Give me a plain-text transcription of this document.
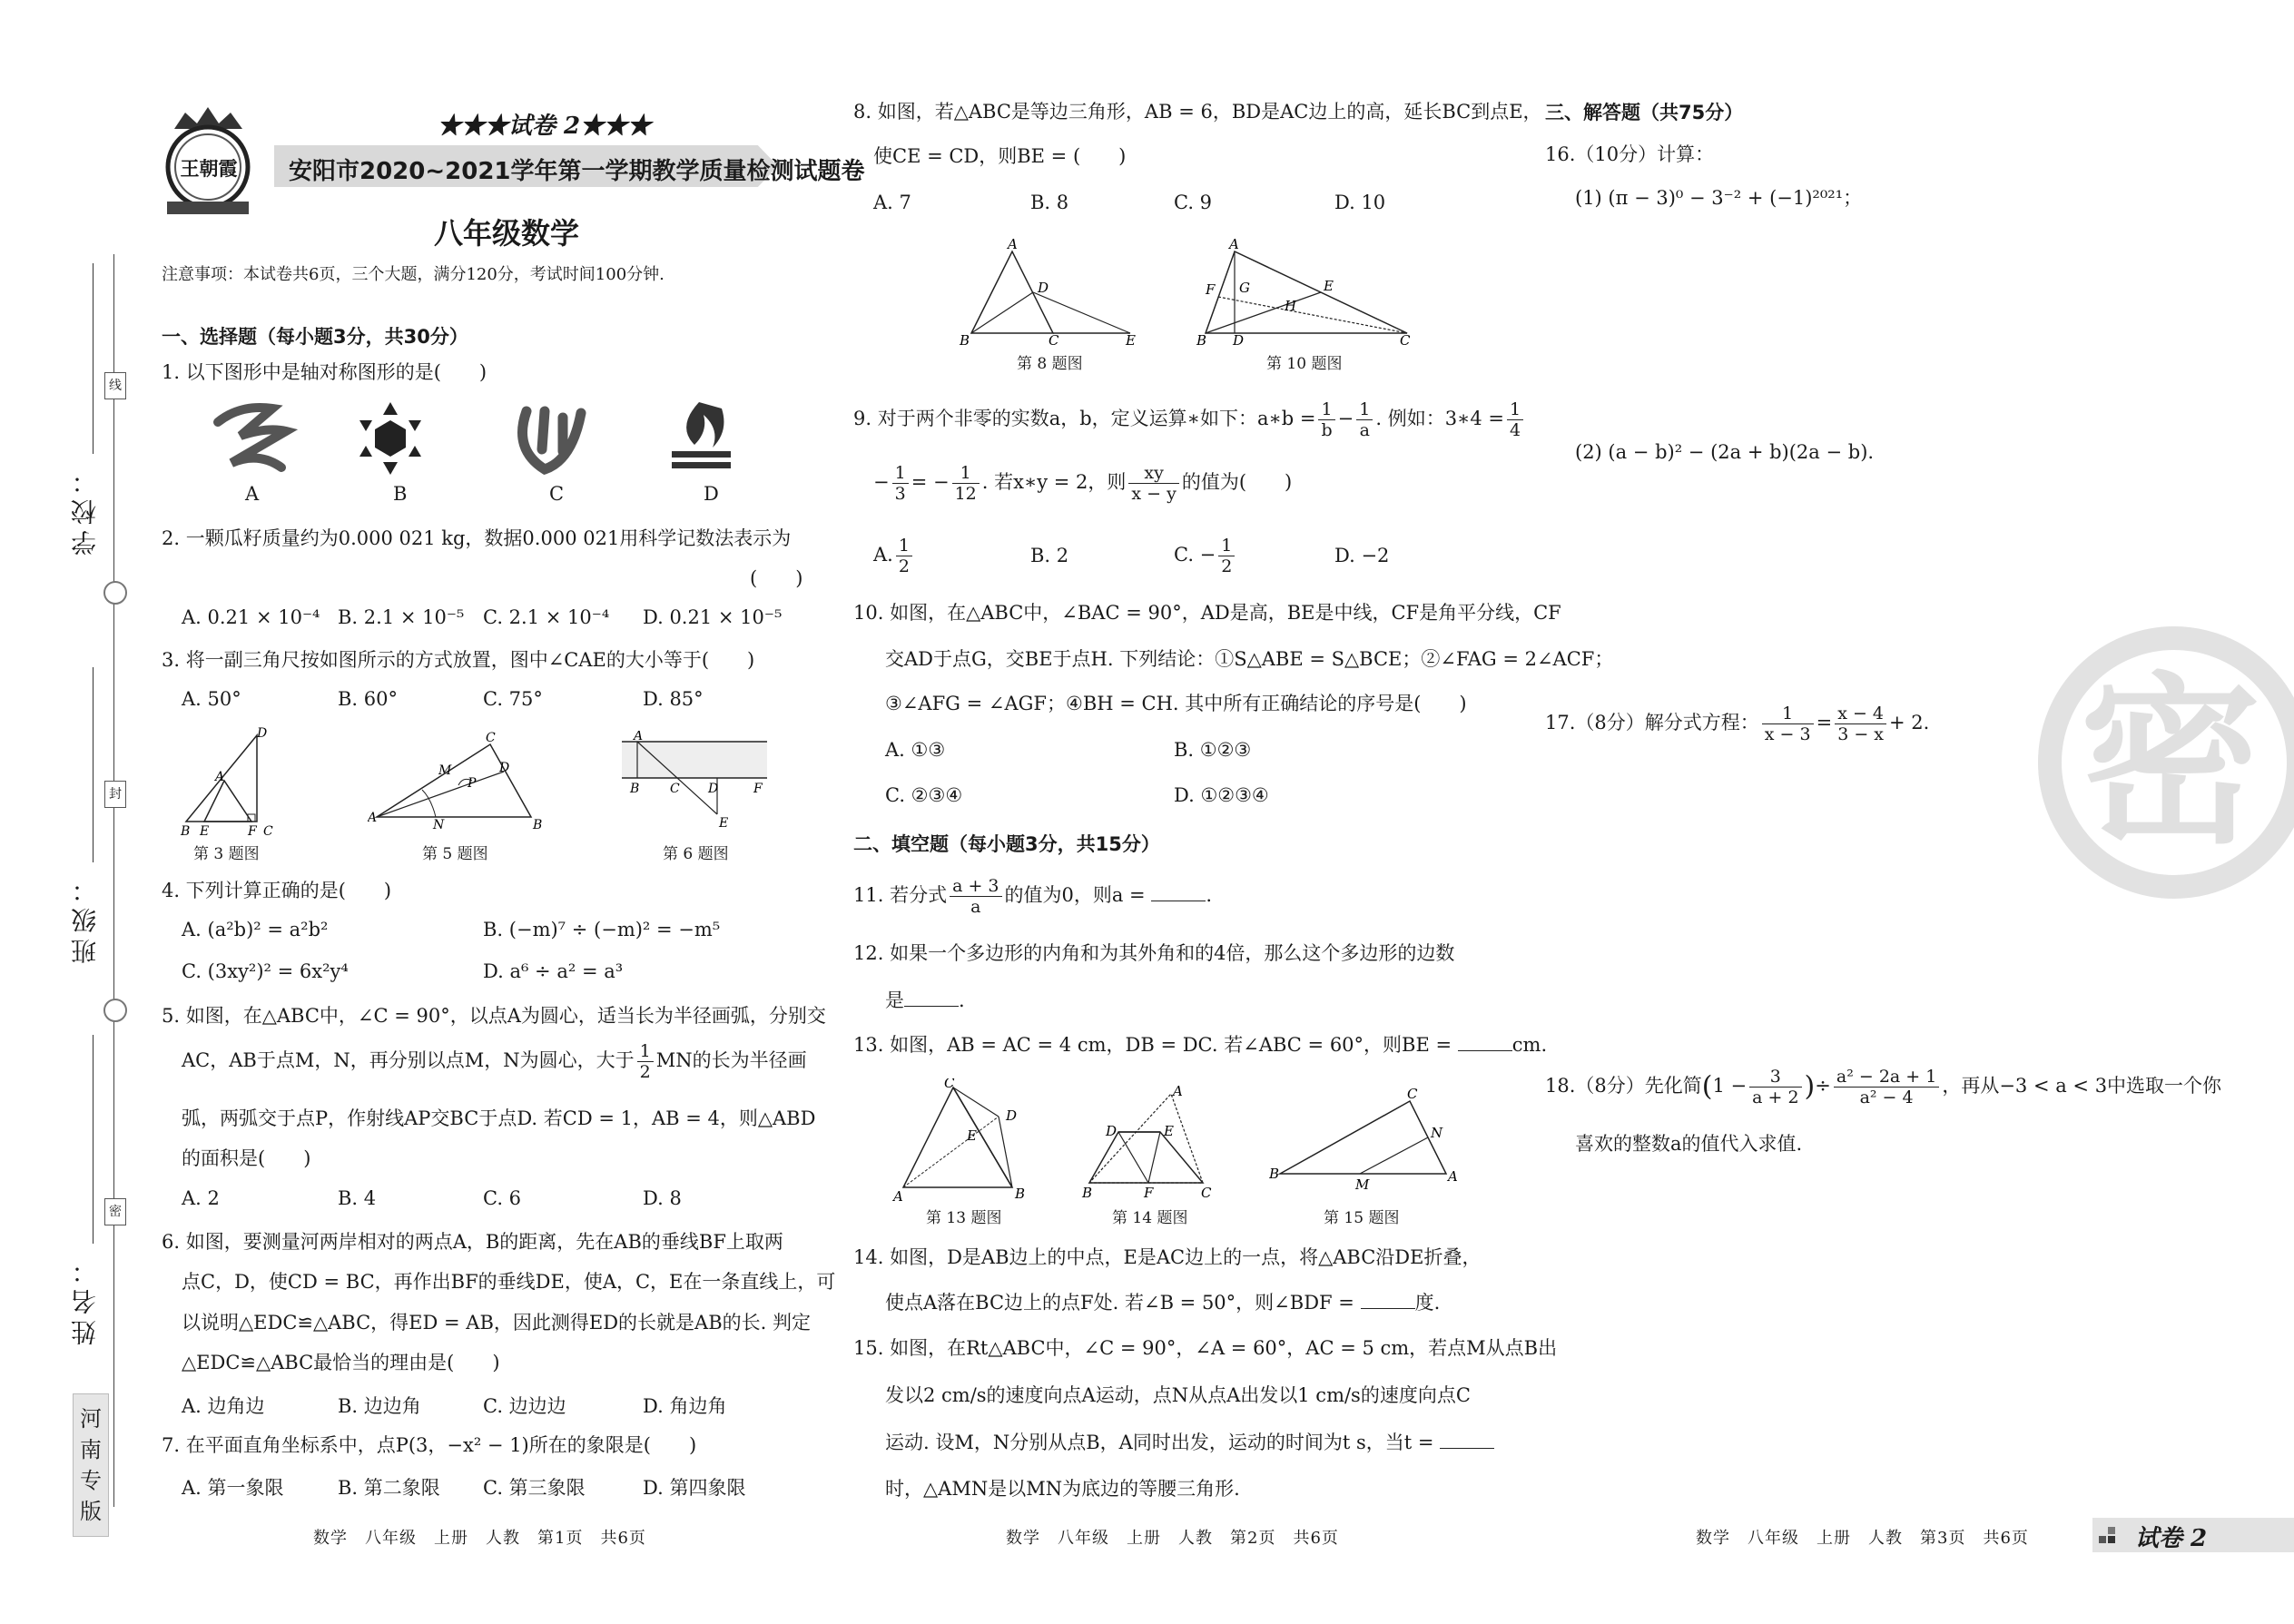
学校：
班级：
姓名：
线
封
密
河南专版
王朝霞
★★★试卷 2★★★
安阳市2020~2021学年第一学期教学质量检测试题卷
八年级数学
注意事项：本试卷共6页，三个大题，满分120分，考试时间100分钟.
一、选择题（每小题3分，共30分）
1. 以下图形中是轴对称图形的是(　　)
A	B	C	D
2. 一颗瓜籽质量约为0.000 021 kg，数据0.000 021用科学记数法表示为
(　　)
A. 0.21 × 10⁻⁴ B. 2.1 × 10⁻⁵ C. 2.1 × 10⁻⁴ D. 0.21 × 10⁻⁵
3. 将一副三角尺按如图所示的方式放置，图中∠CAE的大小等于(　　)
A. 50°	B. 60°	C. 75°	D. 85°
D
A
B E	F C
第 3 题图
C
M	D
P
A	N	B
第 5 题图
A
B C D	F
E
第 6 题图
4. 下列计算正确的是(　　)
A. (a²b)² = a²b²	B. (−m)⁷ ÷ (−m)² = −m⁵
C. (3xy²)² = 6x²y⁴	D. a⁶ ÷ a² = a³
5. 如图，在△ABC中，∠C = 90°，以点A为圆心，适当长为半径画弧，分别交
AC，AB于点M，N，再分别以点M，N为圆心，大于 $\frac{1}{2}$ MN的长为半径画
弧，两弧交于点P，作射线AP交BC于点D. 若CD = 1，AB = 4，则△ABD
的面积是(　　)
A. 2	B. 4	C. 6	D. 8
6. 如图，要测量河两岸相对的两点A，B的距离，先在AB的垂线BF上取两
点C，D，使CD = BC，再作出BF的垂线DE，使A，C，E在一条直线上，可
以说明△EDC≌△ABC，得ED = AB，因此测得ED的长就是AB的长. 判定
△EDC≌△ABC最恰当的理由是(　　)
A. 边角边	B. 边边角	C. 边边边	D. 角边角
7. 在平面直角坐标系中，点P(3，−x² − 1)所在的象限是(　　)
A. 第一象限	B. 第二象限 C. 第三象限	D. 第四象限
数学　八年级　上册　人教　第1页　共6页
8. 如图，若△ABC是等边三角形，AB = 6，BD是AC边上的高，延长BC到点E，
使CE = CD，则BE = (　　)
A. 7	B. 8	C. 9	D. 10
A
D
B	C	E
第 8 题图
A
F G	E
H
B D	C
第 10 题图
9. 对于两个非零的实数a，b，定义运算∗如下：a∗b = $\frac{1}{b} - \frac{1}{a}$ . 例如：3∗4 = $\frac{1}{4}$
− $\frac{1}{3}$ = − $\frac{1}{12}$ . 若x∗y = 2，则 $\frac{xy}{x - y}$ 的值为(　　)
A. $\frac{1}{2}$	B. 2	C. − $\frac{1}{2}$	D. −2
10. 如图，在△ABC中，∠BAC = 90°，AD是高，BE是中线，CF是角平分线，CF
交AD于点G，交BE于点H. 下列结论：①S△ABE = S△BCE；②∠FAG = 2∠ACF；
③∠AFG = ∠AGF；④BH = CH. 其中所有正确结论的序号是(　　)
A. ①③	B. ①②③
C. ②③④	D. ①②③④
二、填空题（每小题3分，共15分）
11. 若分式 $\frac{a + 3}{a}$ 的值为0，则a =	.
12. 如果一个多边形的内角和为其外角和的4倍，那么这个多边形的边数
是	.
13. 如图，AB = AC = 4 cm，DB = DC. 若∠ABC = 60°，则BE =	cm.
C
D
E
A	B
第 13 题图
A
D	E
B	F	C
第 14 题图
C
N
B
M	A
第 15 题图
14. 如图，D是AB边上的中点，E是AC边上的一点，将△ABC沿DE折叠，
使点A落在BC边上的点F处. 若∠B = 50°，则∠BDF =	度.
15. 如图，在Rt△ABC中，∠C = 90°，∠A = 60°，AC = 5 cm，若点M从点B出
发以2 cm/s的速度向点A运动，点N从点A出发以1 cm/s的速度向点C
运动. 设M，N分别从点B，A同时出发，运动的时间为t s，当t =
时，△AMN是以MN为底边的等腰三角形.
数学　八年级　上册　人教　第2页　共6页
密
三、解答题（共75分）
16.（10分）计算：
(1) (π − 3)⁰ − 3⁻² + (−1)²⁰²¹；
(2) (a − b)² − (2a + b)(2a − b).
17.（8分）解分式方程： $\frac{1}{x - 3} = \frac{x - 4}{3 - x} + 2$.
18.（8分）先化简($1 - \frac{3}{a + 2}$ )÷ $\frac{\text{a² − 2a + 1}}{\text{a² − 4}}$ ，再从−3 < a < 3中选取一个你
喜欢的整数a的值代入求值.
数学　八年级　上册　人教　第3页　共6页	试卷 2
